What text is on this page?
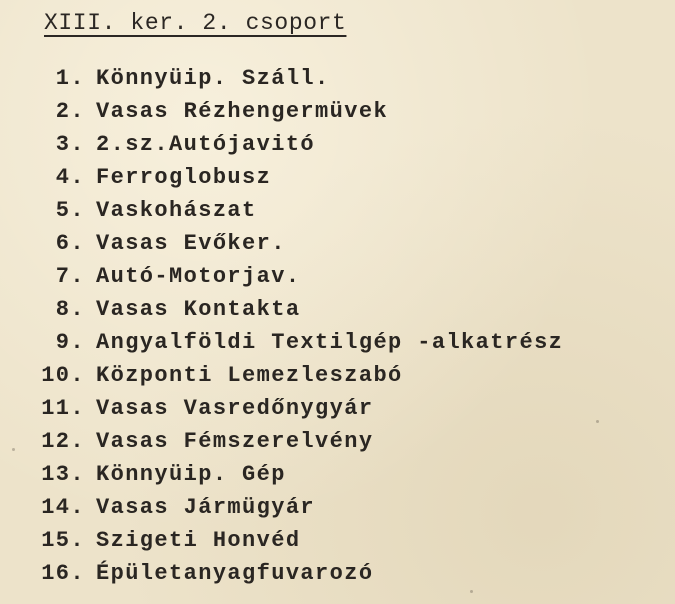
XIII. ker. 2. csoport
1. Könnyüip. Száll.
2. Vasas Rézhengermüvek
3. 2.sz.Autójavitó
4. Ferroglobusz
5. Vaskohászat
6. Vasas Evőker.
7. Autó-Motorjav.
8. Vasas Kontakta
9. Angyalföldi Textilgép -alkatrész
10. Központi Lemezleszabó
11. Vasas Vasredőnygyár
12. Vasas Fémszerelvény
13. Könnyüip. Gép
14. Vasas Jármügyár
15. Szigeti Honvéd
16. Épületanyagfuvarozó
